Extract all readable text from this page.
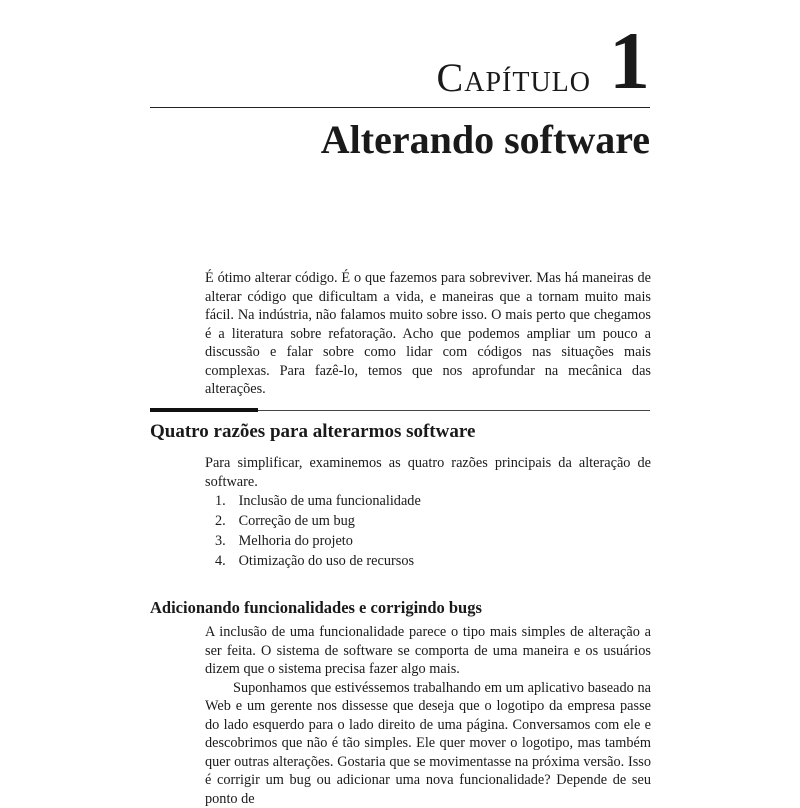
Capítulo 1
Alterando software

É ótimo alterar código. É o que fazemos para sobreviver. Mas há maneiras de alterar código que dificultam a vida, e maneiras que a tornam muito mais fácil. Na indústria, não falamos muito sobre isso. O mais perto que chegamos é a literatura sobre refatoração. Acho que podemos ampliar um pouco a discussão e falar sobre como lidar com códigos nas situações mais complexas. Para fazê-lo, temos que nos aprofundar na mecânica das alterações.

Quatro razões para alterarmos software

Para simplificar, examinemos as quatro razões principais da alteração de software.

1. Inclusão de uma funcionalidade
2. Correção de um bug
3. Melhoria do projeto
4. Otimização do uso de recursos
Adicionando funcionalidades e corrigindo bugs

A inclusão de uma funcionalidade parece o tipo mais simples de alteração a ser feita. O sistema de software se comporta de uma maneira e os usuários dizem que o sistema precisa fazer algo mais.

Suponhamos que estivéssemos trabalhando em um aplicativo baseado na Web e um gerente nos dissesse que deseja que o logotipo da empresa passe do lado esquerdo para o lado direito de uma página. Conversamos com ele e descobrimos que não é tão simples. Ele quer mover o logotipo, mas também quer outras alterações. Gostaria que se movimentasse na próxima versão. Isso é corrigir um bug ou adicionar uma nova funcionalidade? Depende de seu ponto de
